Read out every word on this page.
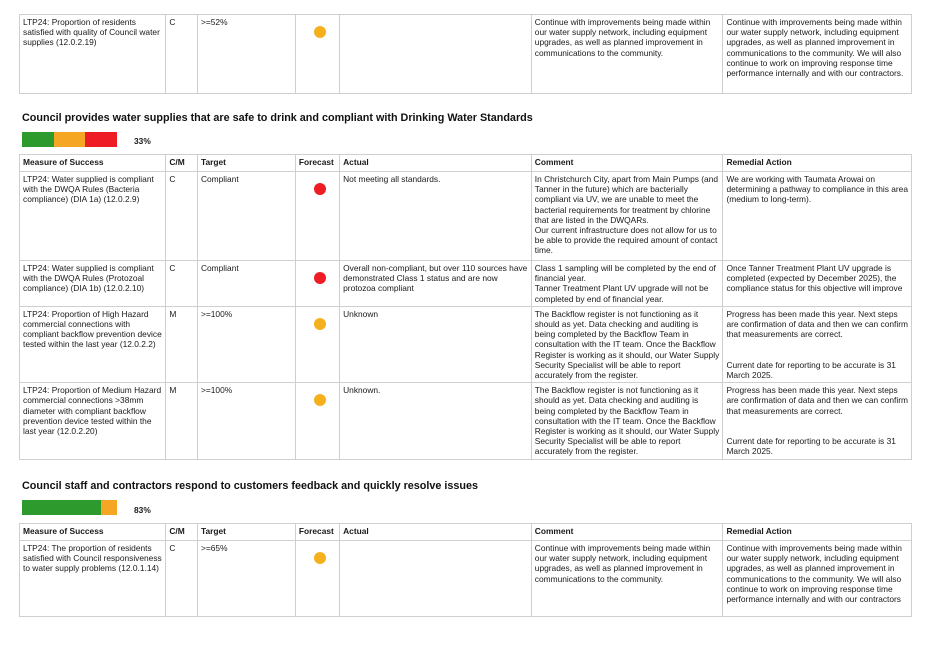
LTP24: Proportion of residents satisfied with quality of Council water supplies (12.0.2.19)	C	>=52%			Continue with improvements being made within our water supply network, including equipment upgrades, as well as planned improvement in communications to the community.	Continue with improvements being made within our water supply network, including equipment upgrades, as well as planned improvement in communications to the community. We will also continue to work on improving response time performance internally and with our contractors.
Council provides water supplies that are safe to drink and compliant with Drinking Water Standards
33%
Measure of Success	C/M	Target	Forecast	Actual	Comment	Remedial Action
LTP24: Water supplied is compliant with the DWQA Rules (Bacteria compliance) (DIA 1a) (12.0.2.9)	C	Compliant		Not meeting all standards.	In Christchurch City, apart from Main Pumps (and Tanner in the future) which are bacterially compliant via UV, we are unable to meet the bacterial requirements for treatment by chlorine that are listed in the DWQARs.
Our current infrastructure does not allow for us to be able to provide the required amount of contact time.	We are working with Taumata Arowai on determining a pathway to compliance in this area (medium to long-term).
LTP24: Water supplied is compliant with the DWQA Rules (Protozoal compliance) (DIA 1b) (12.0.2.10)	C	Compliant		Overall non-compliant, but over 110 sources have demonstrated Class 1 status and are now protozoa compliant	Class 1 sampling will be completed by the end of financial year.
Tanner Treatment Plant UV upgrade will not be completed by end of financial year.	Once Tanner Treatment Plant UV upgrade is completed (expected by December 2025), the compliance status for this objective will improve
LTP24: Proportion of High Hazard commercial connections with compliant backflow prevention device tested within the last year (12.0.2.2)	M	>=100%		Unknown	The Backflow register is not functioning as it should as yet. Data checking and auditing is being completed by the Backflow Team in consultation with the IT team. Once the Backflow Register is working as it should, our Water Supply Security Specialist will be able to report accurately from the register.	Progress has been made this year. Next steps are confirmation of data and then we can confirm that measurements are correct.

Current date for reporting to be accurate is 31 March 2025.
LTP24: Proportion of Medium Hazard commercial connections >38mm diameter with compliant backflow prevention device tested within the last year (12.0.2.20)	M	>=100%		Unknown.	The Backflow register is not functioning as it should as yet. Data checking and auditing is being completed by the Backflow Team in consultation with the IT team. Once the Backflow Register is working as it should, our Water Supply Security Specialist will be able to report accurately from the register.	Progress has been made this year. Next steps are confirmation of data and then we can confirm that measurements are correct.

Current date for reporting to be accurate is 31 March 2025.
Council staff and contractors respond to customers feedback and quickly resolve issues
83%
Measure of Success	C/M	Target	Forecast	Actual	Comment	Remedial Action
LTP24: The proportion of residents satisfied with Council responsiveness to water supply problems (12.0.1.14)	C	>=65%			Continue with improvements being made within our water supply network, including equipment upgrades, as well as planned improvement in communications to the community.	Continue with improvements being made within our water supply network, including equipment upgrades, as well as planned improvement in communications to the community. We will also continue to work on improving response time performance internally and with our contractors
